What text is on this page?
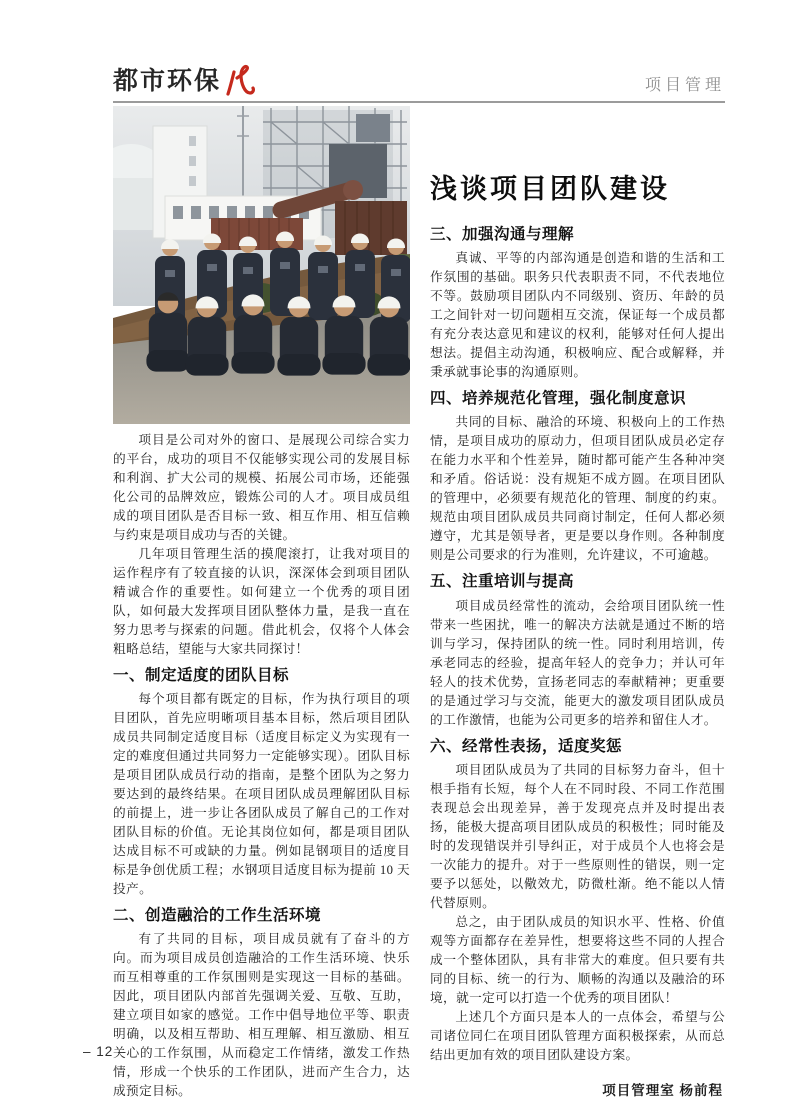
都市环保	项目管理

项目是公司对外的窗口、是展现公司综合实力的平台，成功的项目不仅能够实现公司的发展目标和利润、扩大公司的规模、拓展公司市场，还能强化公司的品牌效应，锻炼公司的人才。项目成员组成的项目团队是否目标一致、相互作用、相互信赖与约束是项目成功与否的关键。

几年项目管理生活的摸爬滚打，让我对项目的运作程序有了较直接的认识，深深体会到项目团队精诚合作的重要性。如何建立一个优秀的项目团队，如何最大发挥项目团队整体力量，是我一直在努力思考与探索的问题。借此机会，仅将个人体会粗略总结，望能与大家共同探讨！

一、制定适度的团队目标

每个项目都有既定的目标，作为执行项目的项目团队，首先应明晰项目基本目标，然后项目团队成员共同制定适度目标（适度目标定义为实现有一定的难度但通过共同努力一定能够实现）。团队目标是项目团队成员行动的指南，是整个团队为之努力要达到的最终结果。在项目团队成员理解团队目标的前提上，进一步让各团队成员了解自己的工作对团队目标的价值。无论其岗位如何，都是项目团队达成目标不可或缺的力量。例如昆钢项目的适度目标是争创优质工程；水钢项目适度目标为提前 10 天投产。

二、创造融洽的工作生活环境

有了共同的目标，项目成员就有了奋斗的方向。而为项目成员创造融洽的工作生活环境、快乐而互相尊重的工作氛围则是实现这一目标的基础。因此，项目团队内部首先强调关爱、互敬、互助，建立项目如家的感觉。工作中倡导地位平等、职责明确，以及相互帮助、相互理解、相互激励、相互关心的工作氛围，从而稳定工作情绪，激发工作热情，形成一个快乐的工作团队，进而产生合力，达成预定目标。

浅谈项目团队建设
三、加强沟通与理解

真诚、平等的内部沟通是创造和谐的生活和工作氛围的基础。职务只代表职责不同，不代表地位不等。鼓励项目团队内不同级别、资历、年龄的员工之间针对一切问题相互交流，保证每一个成员都有充分表达意见和建议的权利，能够对任何人提出想法。提倡主动沟通，积极响应、配合或解释，并秉承就事论事的沟通原则。

四、培养规范化管理，强化制度意识

共同的目标、融洽的环境、积极向上的工作热情，是项目成功的原动力，但项目团队成员必定存在能力水平和个性差异，随时都可能产生各种冲突和矛盾。俗话说：没有规矩不成方圆。在项目团队的管理中，必须要有规范化的管理、制度的约束。规范由项目团队成员共同商讨制定，任何人都必须遵守，尤其是领导者，更是要以身作则。各种制度则是公司要求的行为准则，允许建议，不可逾越。

五、注重培训与提高

项目成员经常性的流动，会给项目团队统一性带来一些困扰，唯一的解决方法就是通过不断的培训与学习，保持团队的统一性。同时利用培训，传承老同志的经验，提高年轻人的竞争力；并认可年轻人的技术优势，宣扬老同志的奉献精神；更重要的是通过学习与交流，能更大的激发项目团队成员的工作激情，也能为公司更多的培养和留住人才。

六、经常性表扬，适度奖惩

项目团队成员为了共同的目标努力奋斗，但十根手指有长短，每个人在不同时段、不同工作范围表现总会出现差异，善于发现亮点并及时提出表扬，能极大提高项目团队成员的积极性；同时能及时的发现错误并引导纠正，对于成员个人也将会是一次能力的提升。对于一些原则性的错误，则一定要予以惩处，以儆效尤，防微杜渐。绝不能以人情代替原则。

总之，由于团队成员的知识水平、性格、价值观等方面都存在差异性，想要将这些不同的人捏合成一个整体团队，具有非常大的难度。但只要有共同的目标、统一的行为、顺畅的沟通以及融洽的环境，就一定可以打造一个优秀的项目团队！

上述几个方面只是本人的一点体会，希望与公司诸位同仁在项目团队管理方面积极探索，从而总结出更加有效的项目团队建设方案。

项目管理室 杨前程
– 12 –
